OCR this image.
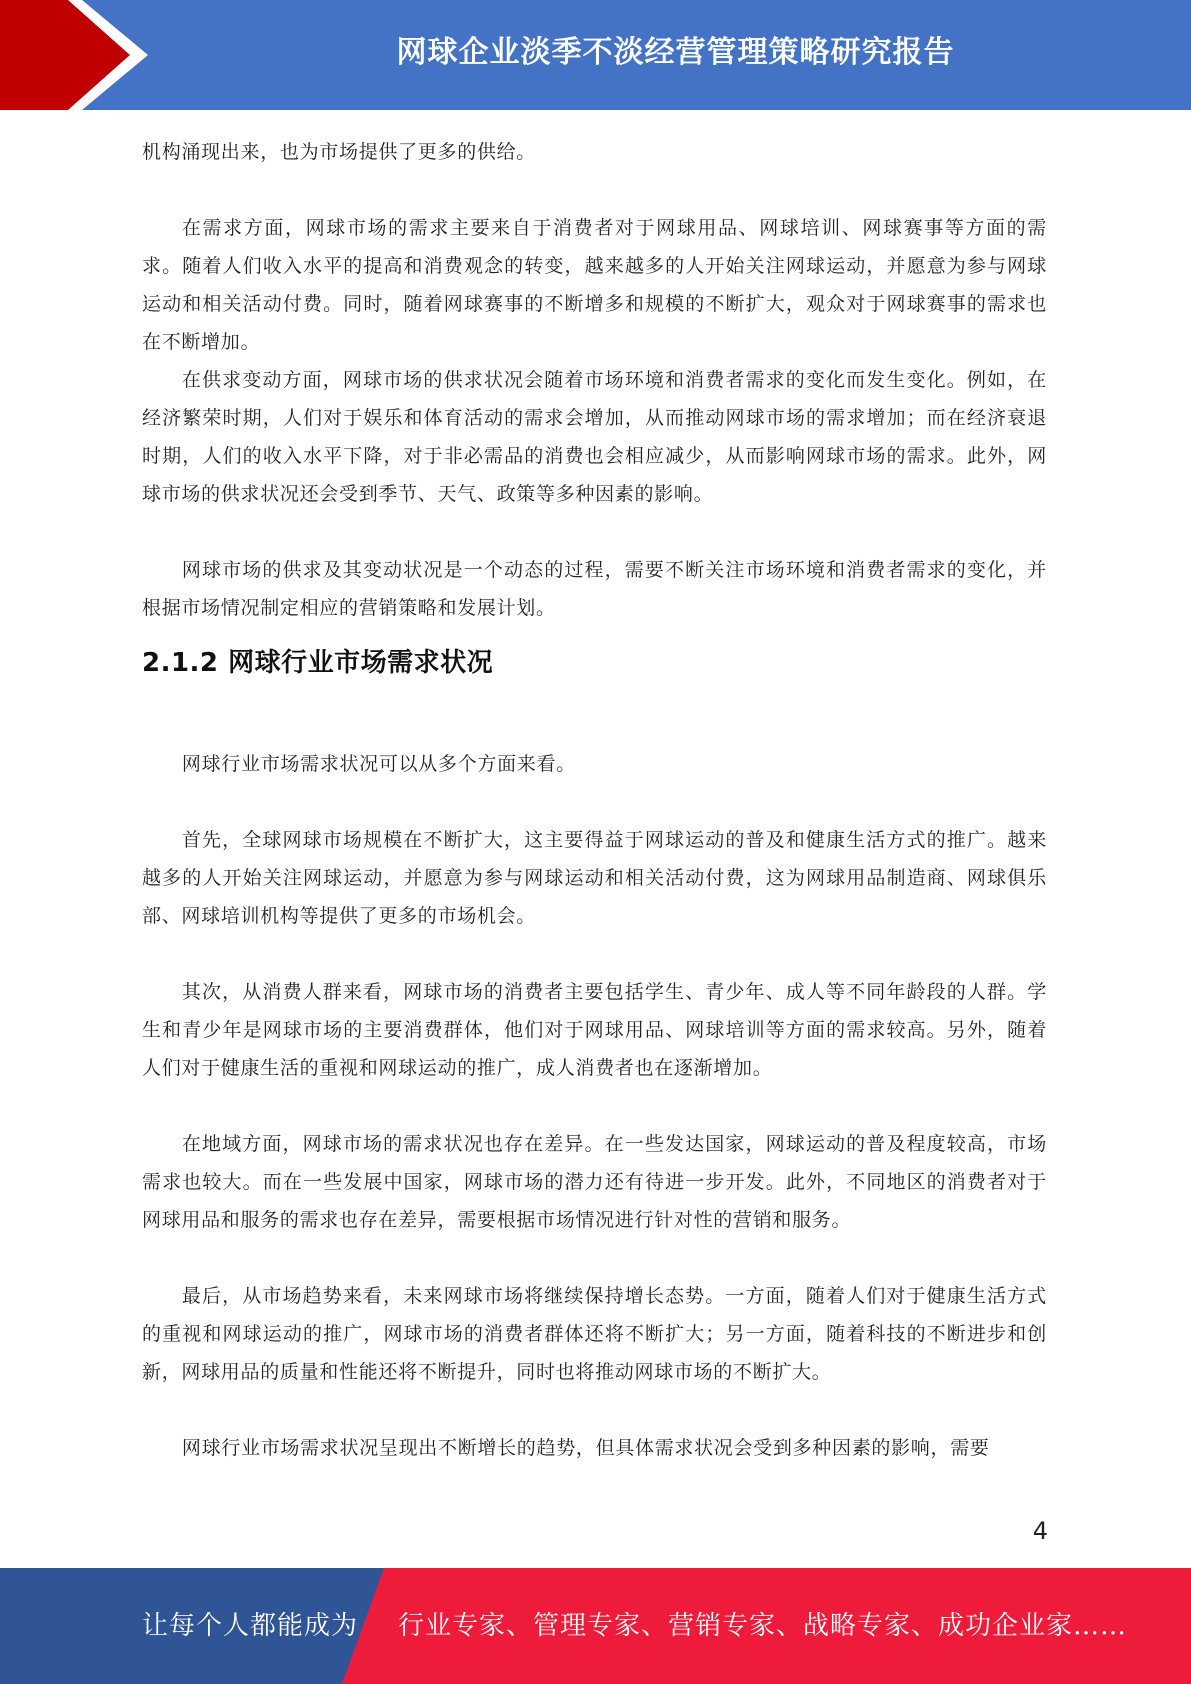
网球企业淡季不淡经营管理策略研究报告

机构涌现出来，也为市场提供了更多的供给。

在需求方面，网球市场的需求主要来自于消费者对于网球用品、网球培训、网球赛事等方面的需求。随着人们收入水平的提高和消费观念的转变，越来越多的人开始关注网球运动，并愿意为参与网球运动和相关活动付费。同时，随着网球赛事的不断增多和规模的不断扩大，观众对于网球赛事的需求也在不断增加。

在供求变动方面，网球市场的供求状况会随着市场环境和消费者需求的变化而发生变化。例如，在经济繁荣时期，人们对于娱乐和体育活动的需求会增加，从而推动网球市场的需求增加；而在经济衰退时期，人们的收入水平下降，对于非必需品的消费也会相应减少，从而影响网球市场的需求。此外，网球市场的供求状况还会受到季节、天气、政策等多种因素的影响。

网球市场的供求及其变动状况是一个动态的过程，需要不断关注市场环境和消费者需求的变化，并根据市场情况制定相应的营销策略和发展计划。

2.1.2 网球行业市场需求状况

网球行业市场需求状况可以从多个方面来看。

首先，全球网球市场规模在不断扩大，这主要得益于网球运动的普及和健康生活方式的推广。越来越多的人开始关注网球运动，并愿意为参与网球运动和相关活动付费，这为网球用品制造商、网球俱乐部、网球培训机构等提供了更多的市场机会。

其次，从消费人群来看，网球市场的消费者主要包括学生、青少年、成人等不同年龄段的人群。学生和青少年是网球市场的主要消费群体，他们对于网球用品、网球培训等方面的需求较高。另外，随着人们对于健康生活的重视和网球运动的推广，成人消费者也在逐渐增加。

在地域方面，网球市场的需求状况也存在差异。在一些发达国家，网球运动的普及程度较高，市场需求也较大。而在一些发展中国家，网球市场的潜力还有待进一步开发。此外，不同地区的消费者对于网球用品和服务的需求也存在差异，需要根据市场情况进行针对性的营销和服务。

最后，从市场趋势来看，未来网球市场将继续保持增长态势。一方面，随着人们对于健康生活方式的重视和网球运动的推广，网球市场的消费者群体还将不断扩大；另一方面，随着科技的不断进步和创新，网球用品的质量和性能还将不断提升，同时也将推动网球市场的不断扩大。

网球行业市场需求状况呈现出不断增长的趋势，但具体需求状况会受到多种因素的影响，需要

4
让每个人都能成为 行业专家、管理专家、营销专家、战略专家、成功企业家……
